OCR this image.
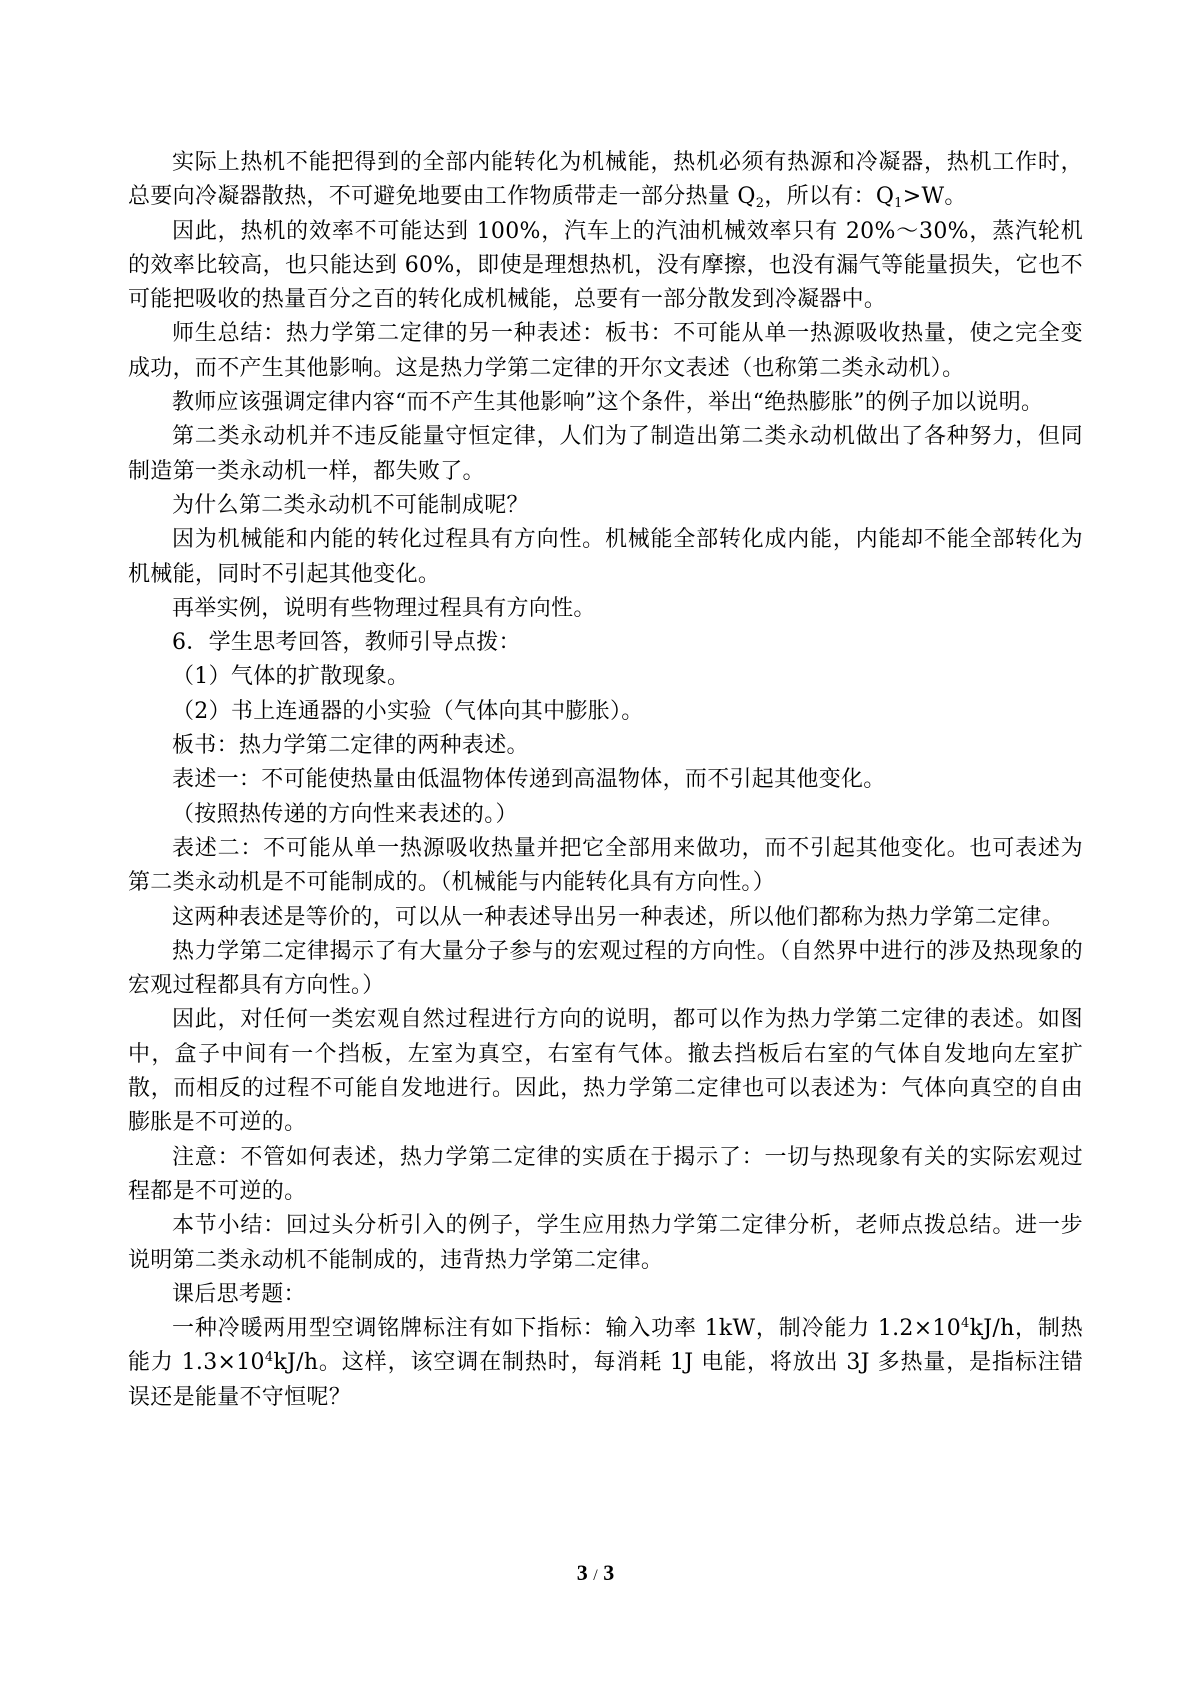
实际上热机不能把得到的全部内能转化为机械能，热机必须有热源和冷凝器，热机工作时，总要向冷凝器散热，不可避免地要由工作物质带走一部分热量 $Q_2$，所以有：$Q_1>W$。

因此，热机的效率不可能达到 100%，汽车上的汽油机械效率只有 20%～30%，蒸汽轮机的效率比较高，也只能达到 60%，即使是理想热机，没有摩擦，也没有漏气等能量损失，它也不可能把吸收的热量百分之百的转化成机械能，总要有一部分散发到冷凝器中。

师生总结：热力学第二定律的另一种表述：板书：不可能从单一热源吸收热量，使之完全变成功，而不产生其他影响。这是热力学第二定律的开尔文表述（也称第二类永动机）。

教师应该强调定律内容“而不产生其他影响”这个条件，举出“绝热膨胀”的例子加以说明。

第二类永动机并不违反能量守恒定律，人们为了制造出第二类永动机做出了各种努力，但同制造第一类永动机一样，都失败了。

为什么第二类永动机不可能制成呢？

因为机械能和内能的转化过程具有方向性。机械能全部转化成内能，内能却不能全部转化为机械能，同时不引起其他变化。

再举实例，说明有些物理过程具有方向性。

6．学生思考回答，教师引导点拨：

（1）气体的扩散现象。

（2）书上连通器的小实验（气体向其中膨胀）。

板书：热力学第二定律的两种表述。

表述一：不可能使热量由低温物体传递到高温物体，而不引起其他变化。

（按照热传递的方向性来表述的。）

表述二：不可能从单一热源吸收热量并把它全部用来做功，而不引起其他变化。也可表述为第二类永动机是不可能制成的。（机械能与内能转化具有方向性。）

这两种表述是等价的，可以从一种表述导出另一种表述，所以他们都称为热力学第二定律。

热力学第二定律揭示了有大量分子参与的宏观过程的方向性。（自然界中进行的涉及热现象的宏观过程都具有方向性。）

因此，对任何一类宏观自然过程进行方向的说明，都可以作为热力学第二定律的表述。如图中，盒子中间有一个挡板，左室为真空，右室有气体。撤去挡板后右室的气体自发地向左室扩散，而相反的过程不可能自发地进行。因此，热力学第二定律也可以表述为：气体向真空的自由膨胀是不可逆的。

注意：不管如何表述，热力学第二定律的实质在于揭示了：一切与热现象有关的实际宏观过程都是不可逆的。

本节小结：回过头分析引入的例子，学生应用热力学第二定律分析，老师点拨总结。进一步说明第二类永动机不能制成的，违背热力学第二定律。

课后思考题：

一种冷暖两用型空调铭牌标注有如下指标：输入功率 1kW，制冷能力 $1.2\times 10^4kJ/h$，制热能力 $1.3\times 10^4kJ/h$。这样，该空调在制热时，每消耗 1J 电能，将放出 3J 多热量，是指标注错误还是能量不守恒呢？

3 / 3
